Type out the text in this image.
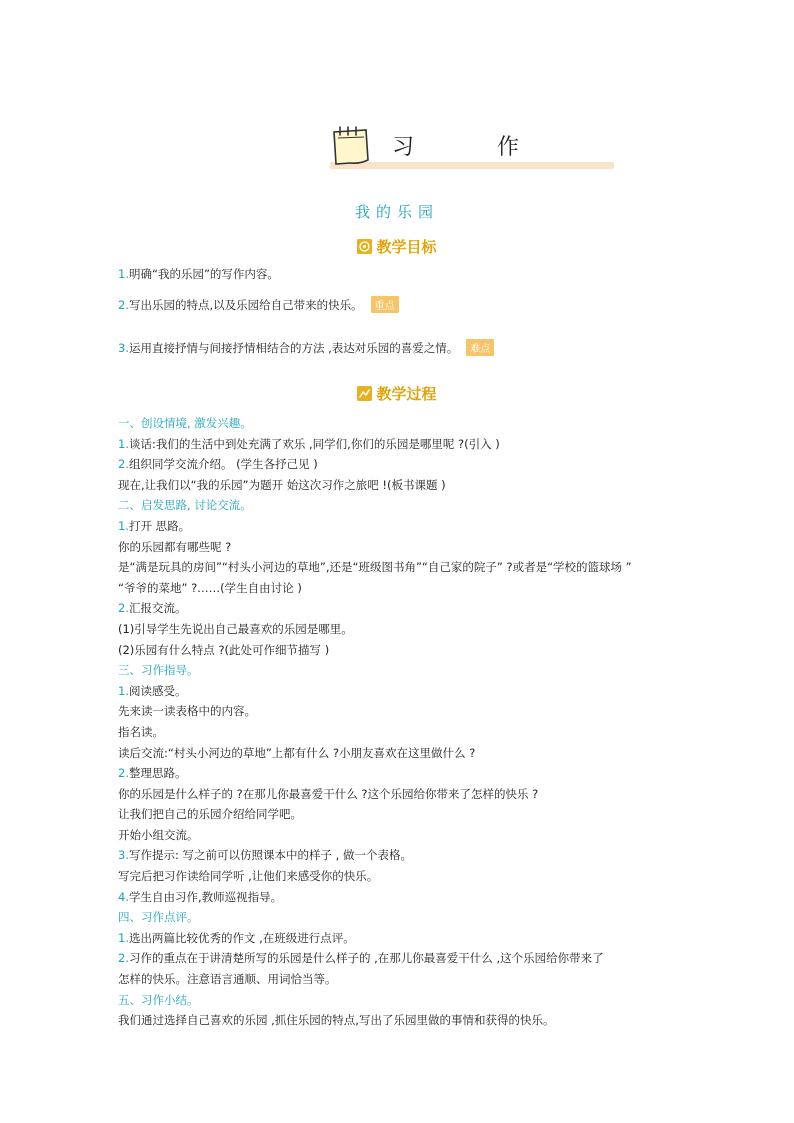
习 作
我的乐园
教学目标
1.明确“我的乐园”的写作内容。
2.写出乐园的特点,以及乐园给自己带来的快乐。 重点
3.运用直接抒情与间接抒情相结合的方法 ,表达对乐园的喜爱之情。 难点
教学过程
一、创设情境, 激发兴趣。
1.谈话:我们的生活中到处充满了欢乐 ,同学们,你们的乐园是哪里呢 ?(引入 )
2.组织同学交流介绍。 (学生各抒己见 )
现在,让我们以“我的乐园”为题开 始这次习作之旅吧 !(板书课题 )
二、启发思路, 讨论交流。
1.打开 思路。
你的乐园都有哪些呢 ?
是“满是玩具的房间”“村头小河边的草地”,还是“班级图书角”“自己家的院子” ?或者是“学校的篮球场 ”
“爷爷的菜地” ?……(学生自由讨论 )
2.汇报交流。
(1)引导学生先说出自己最喜欢的乐园是哪里。
(2)乐园有什么特点 ?(此处可作细节描写 )
三、习作指导。
1.阅读感受。
先来读一读表格中的内容。
指名读。
读后交流:“村头小河边的草地”上都有什么 ?小朋友喜欢在这里做什么 ?
2.整理思路。
你的乐园是什么样子的 ?在那儿你最喜爱干什么 ?这个乐园给你带来了怎样的快乐 ?
让我们把自己的乐园介绍给同学吧。
开始小组交流。
3.写作提示: 写之前可以仿照课本中的样子 , 做一个表格。
写完后把习作读给同学听 ,让他们来感受你的快乐。
4.学生自由习作,教师巡视指导。
四、习作点评。
1.选出两篇比较优秀的作文 ,在班级进行点评。
2.习作的重点在于讲清楚所写的乐园是什么样子的 ,在那儿你最喜爱干什么 ,这个乐园给你带来了
怎样的快乐。注意语言通顺、用词恰当等。
五、习作小结。
我们通过选择自己喜欢的乐园 ,抓住乐园的特点,写出了乐园里做的事情和获得的快乐。
